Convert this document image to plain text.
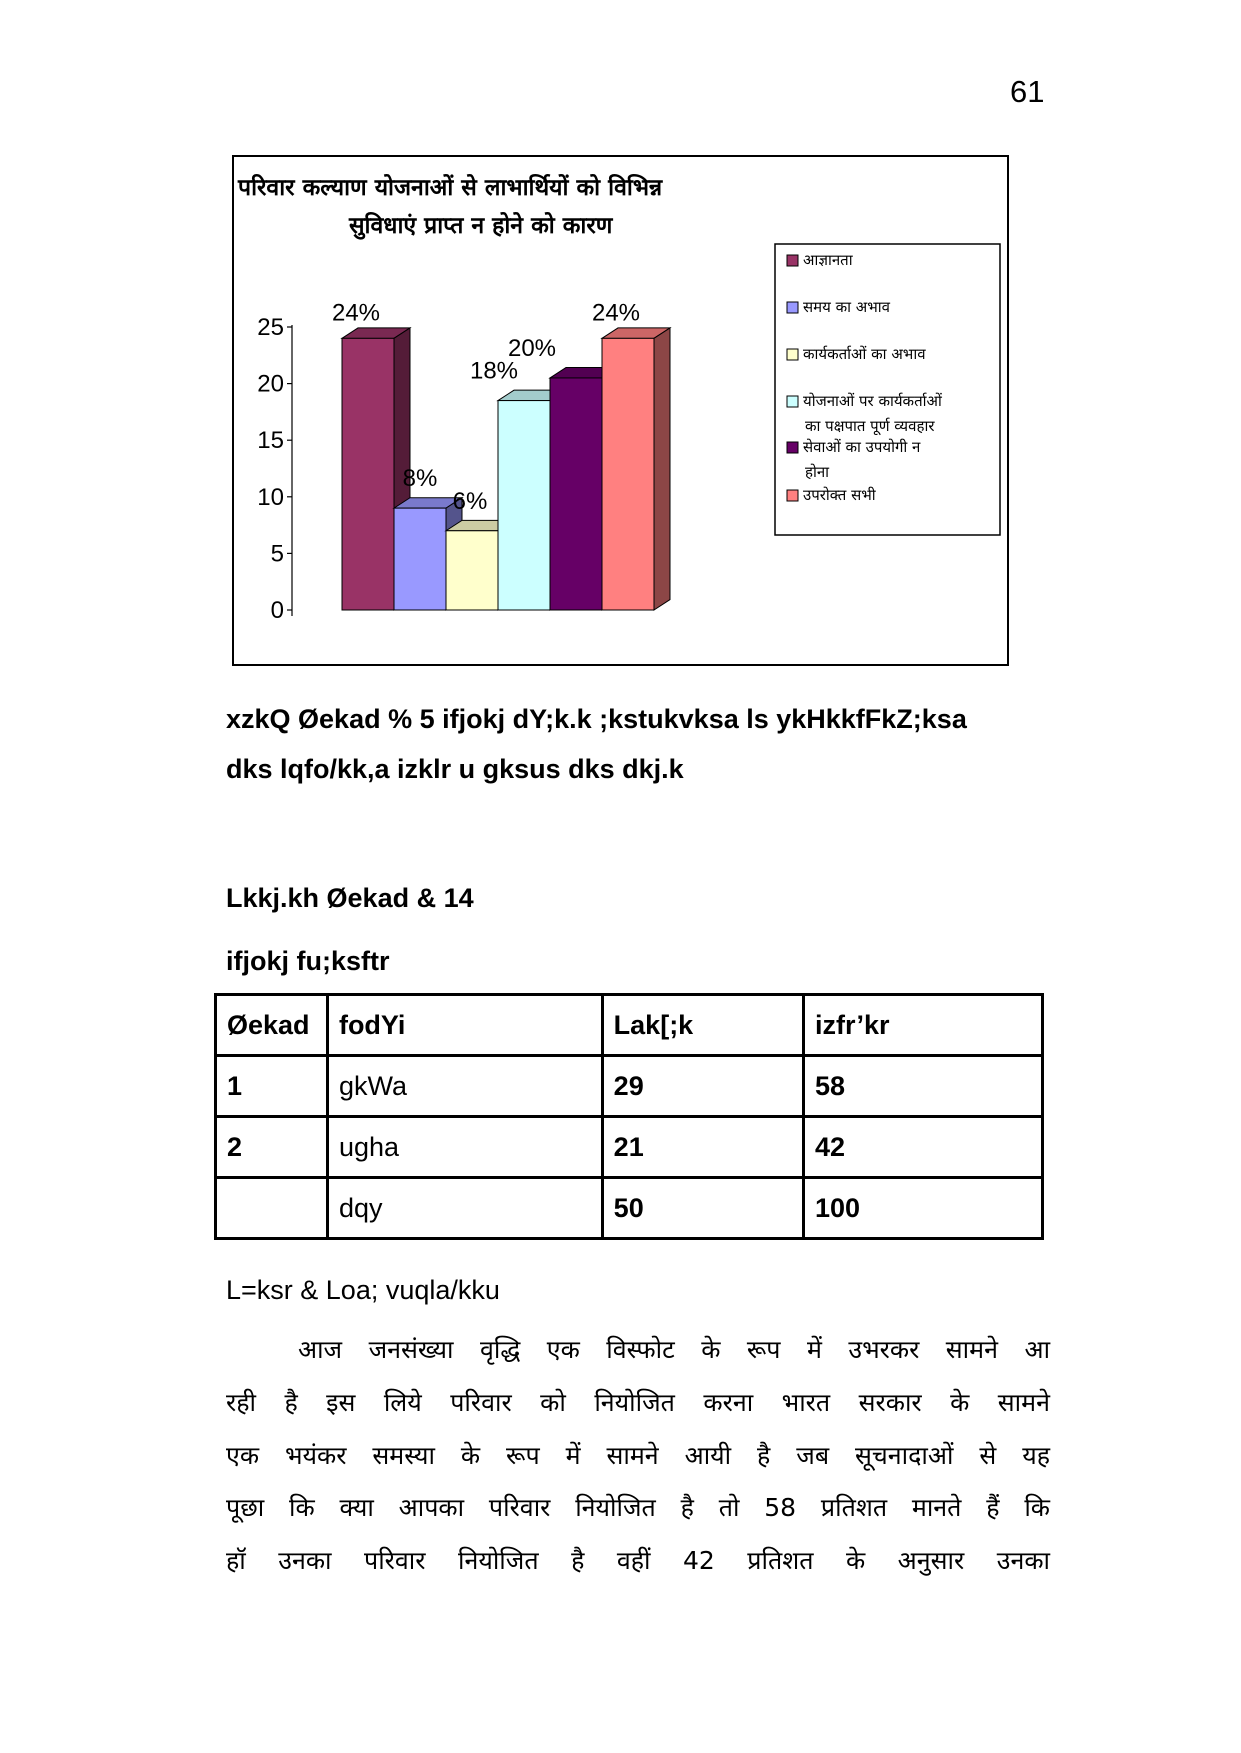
61
परिवार कल्याण योजनाओं से लाभार्थियों को विभिन्न
सुविधाएं प्राप्त न होने को कारण
0
5
10
15
20
25
24%
8%
6%
18%
20%
24%
आज्ञानता
समय का अभाव
कार्यकर्ताओं का अभाव
योजनाओं पर कार्यकर्ताओं का पक्षपात पूर्ण व्यवहार
सेवाओं का उपयोगी न होना
उपरोक्त सभी
xzkQ Øekad % 5 ifjokj dY;k.k ;kstukvksa ls ykHkkfFkZ;ksa
dks lqfo/kk,a izklr u gksus dks dkj.k
Lkkj.kh Øekad & 14
ifjokj fu;ksftr
Øekad	fodYi	Lak[;k	izfr’kr
1	gkWa	29	58
2	ugha	21	42
	dqy	50	100
L=ksr & Loa; vuqla/kku
आज जनसंख्या वृद्धि एक विस्फोट के रूप में उभरकर सामने आ
रही है इस लिये परिवार को नियोजित करना भारत सरकार के सामने
एक भयंकर समस्या के रूप में सामने आयी है जब सूचनादाओं से यह
पूछा कि क्या आपका परिवार नियोजित है तो 58 प्रतिशत मानते हैं कि
हॉ उनका परिवार नियोजित है वहीं 42 प्रतिशत के अनुसार उनका
